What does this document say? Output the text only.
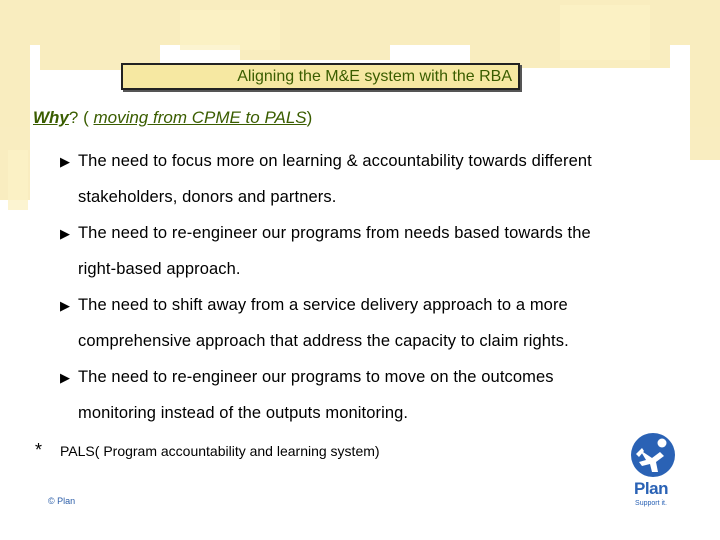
Aligning the M&E system with the RBA
Why? ( moving from CPME to PALS)
▶ The need to focus more on learning & accountability towards different
stakeholders, donors and partners.
▶ The need to re-engineer our programs from needs based towards the
right-based approach.
▶ The need to shift away from a service delivery approach to a more
comprehensive approach that address the capacity to claim rights.
▶ The need to re-engineer our programs to move on the outcomes
monitoring instead of the outputs monitoring.
* PALS( Program accountability and learning system)
© Plan
Plan
Support it.
